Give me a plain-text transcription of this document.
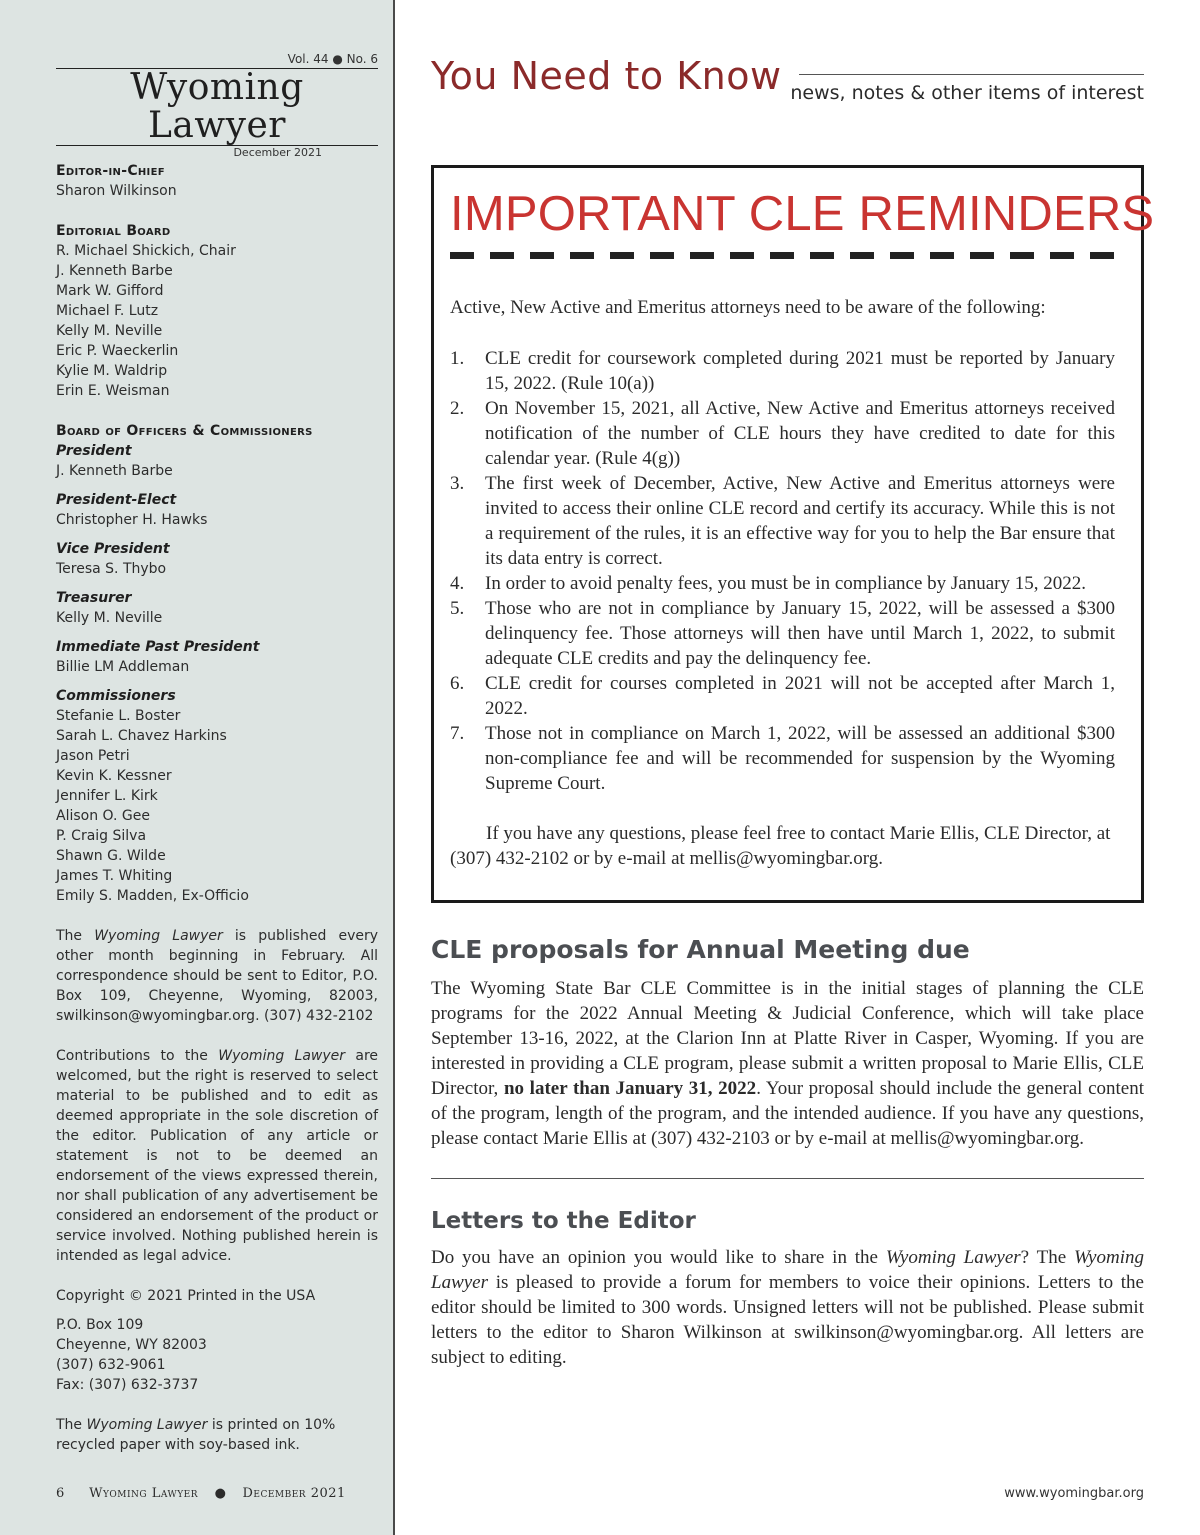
Vol. 44 ● No. 6
Wyoming Lawyer
December 2021
Editor-in-Chief
Sharon Wilkinson
Editorial Board
R. Michael Shickich, Chair
J. Kenneth Barbe
Mark W. Gifford
Michael F. Lutz
Kelly M. Neville
Eric P. Waeckerlin
Kylie M. Waldrip
Erin E. Weisman
Board of Officers & Commissioners
President
J. Kenneth Barbe
President-Elect
Christopher H. Hawks
Vice President
Teresa S. Thybo
Treasurer
Kelly M. Neville
Immediate Past President
Billie LM Addleman
Commissioners
Stefanie L. Boster
Sarah L. Chavez Harkins
Jason Petri
Kevin K. Kessner
Jennifer L. Kirk
Alison O. Gee
P. Craig Silva
Shawn G. Wilde
James T. Whiting
Emily S. Madden, Ex-Officio
The Wyoming Lawyer is published every other month beginning in February. All correspondence should be sent to Editor, P.O. Box 109, Cheyenne, Wyoming, 82003, swilkinson@wyomingbar.org. (307) 432-2102
Contributions to the Wyoming Lawyer are welcomed, but the right is reserved to select material to be published and to edit as deemed appropriate in the sole discretion of the editor. Publication of any article or statement is not to be deemed an endorsement of the views expressed therein, nor shall publication of any advertisement be considered an endorsement of the product or service involved. Nothing published herein is intended as legal advice.
Copyright © 2021 Printed in the USA
P.O. Box 109
Cheyenne, WY 82003
(307) 632-9061
Fax: (307) 632-3737
The Wyoming Lawyer is printed on 10% recycled paper with soy-based ink.
6 Wyoming Lawyer ● December 2021
You Need to Know news, notes & other items of interest
IMPORTANT CLE REMINDERS
Active, New Active and Emeritus attorneys need to be aware of the following:
1. CLE credit for coursework completed during 2021 must be reported by January 15, 2022. (Rule 10(a))
2. On November 15, 2021, all Active, New Active and Emeritus attorneys received notification of the number of CLE hours they have credited to date for this calendar year. (Rule 4(g))
3. The first week of December, Active, New Active and Emeritus attorneys were invited to access their online CLE record and certify its accuracy. While this is not a requirement of the rules, it is an effective way for you to help the Bar ensure that its data entry is correct.
4. In order to avoid penalty fees, you must be in compliance by January 15, 2022.
5. Those who are not in compliance by January 15, 2022, will be assessed a $300 delinquency fee. Those attorneys will then have until March 1, 2022, to submit adequate CLE credits and pay the delinquency fee.
6. CLE credit for courses completed in 2021 will not be accepted after March 1, 2022.
7. Those not in compliance on March 1, 2022, will be assessed an additional $300 non-compliance fee and will be recommended for suspension by the Wyoming Supreme Court.
If you have any questions, please feel free to contact Marie Ellis, CLE Director, at (307) 432-2102 or by e-mail at mellis@wyomingbar.org.
CLE proposals for Annual Meeting due
The Wyoming State Bar CLE Committee is in the initial stages of planning the CLE programs for the 2022 Annual Meeting & Judicial Conference, which will take place September 13-16, 2022, at the Clarion Inn at Platte River in Casper, Wyoming. If you are interested in providing a CLE program, please submit a written proposal to Marie Ellis, CLE Director, no later than January 31, 2022. Your proposal should include the general content of the program, length of the program, and the intended audience. If you have any questions, please contact Marie Ellis at (307) 432-2103 or by e-mail at mellis@wyomingbar.org.
Letters to the Editor
Do you have an opinion you would like to share in the Wyoming Lawyer? The Wyoming Lawyer is pleased to provide a forum for members to voice their opinions. Letters to the editor should be limited to 300 words. Unsigned letters will not be published. Please submit letters to the editor to Sharon Wilkinson at swilkinson@wyomingbar.org. All letters are subject to editing.
www.wyomingbar.org
